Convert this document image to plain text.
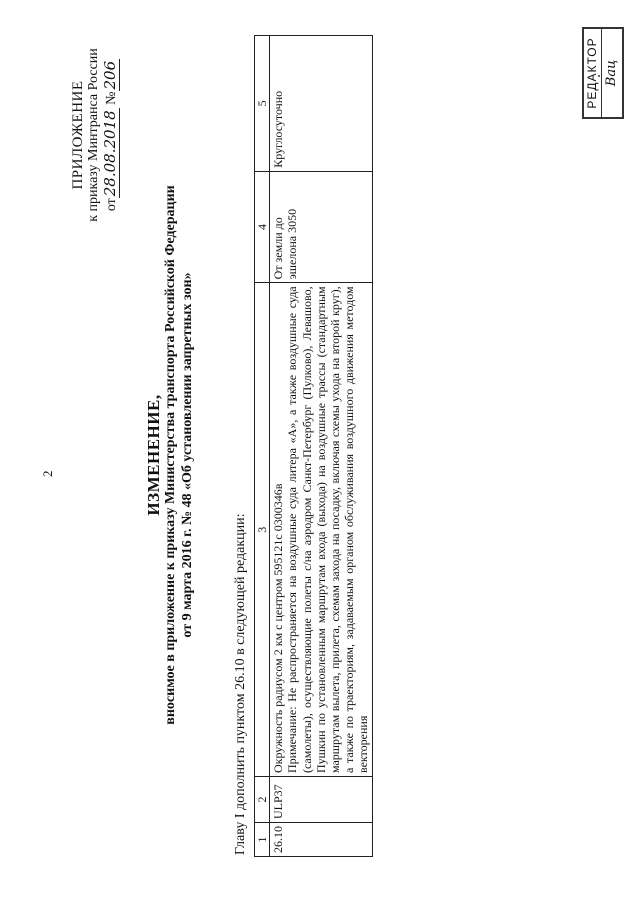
2
ПРИЛОЖЕНИЕ к приказу Минтранса России от28.08.2018 №206
ИЗМЕНЕНИЕ, вносимое в приложение к приказу Министерства транспорта Российской Федерации от 9 марта 2016 г. № 48 «Об установлении запретных зон»
Главу I дополнить пунктом 26.10 в следующей редакции: 1	2	3	4	5
26.10	ULP37	Окружность радиусом 2 км с центром 595121с 0300346в Примечание: Не распространяется на воздушные суда литера «А», а также воздушные суда (самолеты), осуществляющие полеты с/на аэродром Санкт-Петербург (Пулково), Левашово, Пушкин по установленным маршрутам входа (выхода) на воздушные трассы (стандартным маршрутам вылета, прилета, схемам захода на посадку, включая схемы ухода на второй круг), а также по траекториям, задаваемым органом обслуживания воздушного движения методом векторения	От земли до эшелона 3050	Круглосуточно
РЕДАКТОР Вац
